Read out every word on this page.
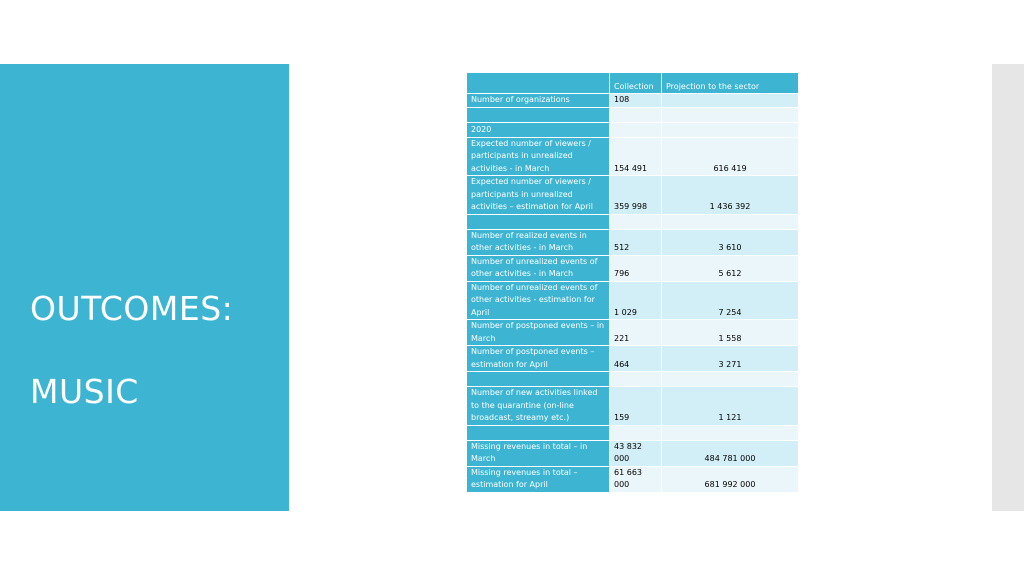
OUTCOMES:
MUSIC
	Collection	Projection to the sector
Number of organizations	108	

2020		
Expected number of viewers / participants in unrealized activities - in March	154 491	616 419
Expected number of viewers / participants in unrealized activities – estimation for April	359 998	1 436 392

Number of realized events in other activities - in March	512	3 610
Number of unrealized events of other activities - in March	796	5 612
Number of unrealized events of other activities - estimation for April	1 029	7 254
Number of postponed events – in March	221	1 558
Number of postponed events – estimation for April	464	3 271

Number of new activities linked to the quarantine (on-line broadcast, streamy etc.)	159	1 121

Missing revenues in total – in March	43 832 000	484 781 000
Missing revenues in total – estimation for April	61 663 000	681 992 000
